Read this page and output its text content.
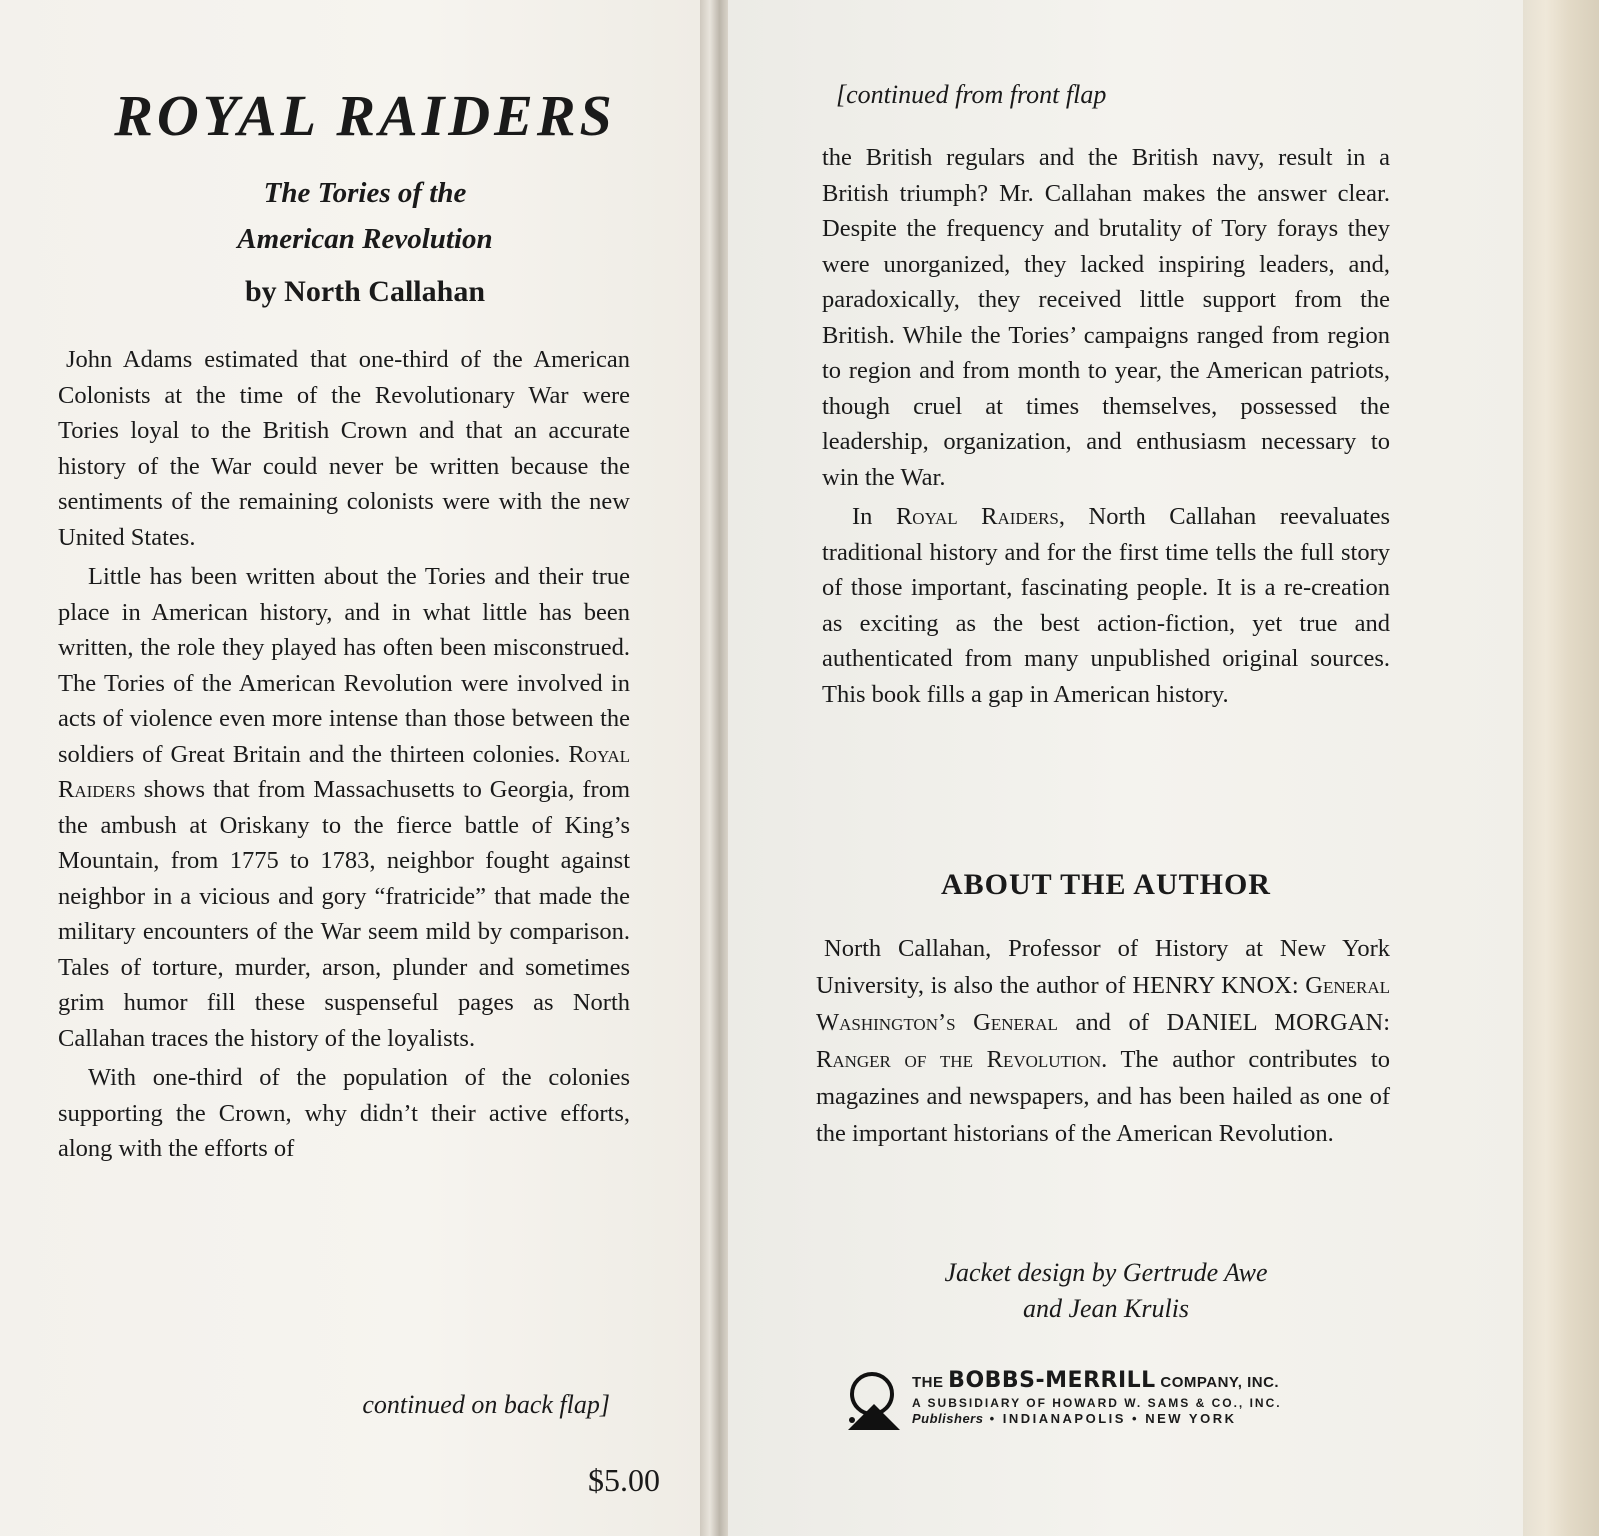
ROYAL RAIDERS

The Tories of the
American Revolution

by North Callahan

John Adams estimated that one-third of the American Colonists at the time of the Revolutionary War were Tories loyal to the British Crown and that an accurate history of the War could never be written because the sentiments of the remaining colonists were with the new United States.

Little has been written about the Tories and their true place in American history, and in what little has been written, the role they played has often been misconstrued. The Tories of the American Revolution were involved in acts of violence even more intense than those between the soldiers of Great Britain and the thirteen colonies. Royal Raiders shows that from Massachusetts to Georgia, from the ambush at Oriskany to the fierce battle of King’s Mountain, from 1775 to 1783, neighbor fought against neighbor in a vicious and gory “fratricide” that made the military encounters of the War seem mild by comparison. Tales of torture, murder, arson, plunder and sometimes grim humor fill these suspenseful pages as North Callahan traces the history of the loyalists.

With one-third of the population of the colonies supporting the Crown, why didn’t their active efforts, along with the efforts of

continued on back flap]

$5.00

[continued from front flap

the British regulars and the British navy, result in a British triumph? Mr. Callahan makes the answer clear. Despite the frequency and brutality of Tory forays they were unorganized, they lacked inspiring leaders, and, paradoxically, they received little support from the British. While the Tories’ campaigns ranged from region to region and from month to year, the American patriots, though cruel at times themselves, possessed the leadership, organization, and enthusiasm necessary to win the War.

In Royal Raiders, North Callahan reevaluates traditional history and for the first time tells the full story of those important, fascinating people. It is a re-creation as exciting as the best action-fiction, yet true and authenticated from many unpublished original sources. This book fills a gap in American history.

ABOUT THE AUTHOR

North Callahan, Professor of History at New York University, is also the author of HENRY KNOX: General Washington’s General and of DANIEL MORGAN: Ranger of the Revolution. The author contributes to magazines and newspapers, and has been hailed as one of the important historians of the American Revolution.

Jacket design by Gertrude Awe
and Jean Krulis

THE BOBBS-MERRILL COMPANY, INC.

A SUBSIDIARY OF HOWARD W. SAMS & CO., INC.

Publishers • INDIANAPOLIS • NEW YORK
